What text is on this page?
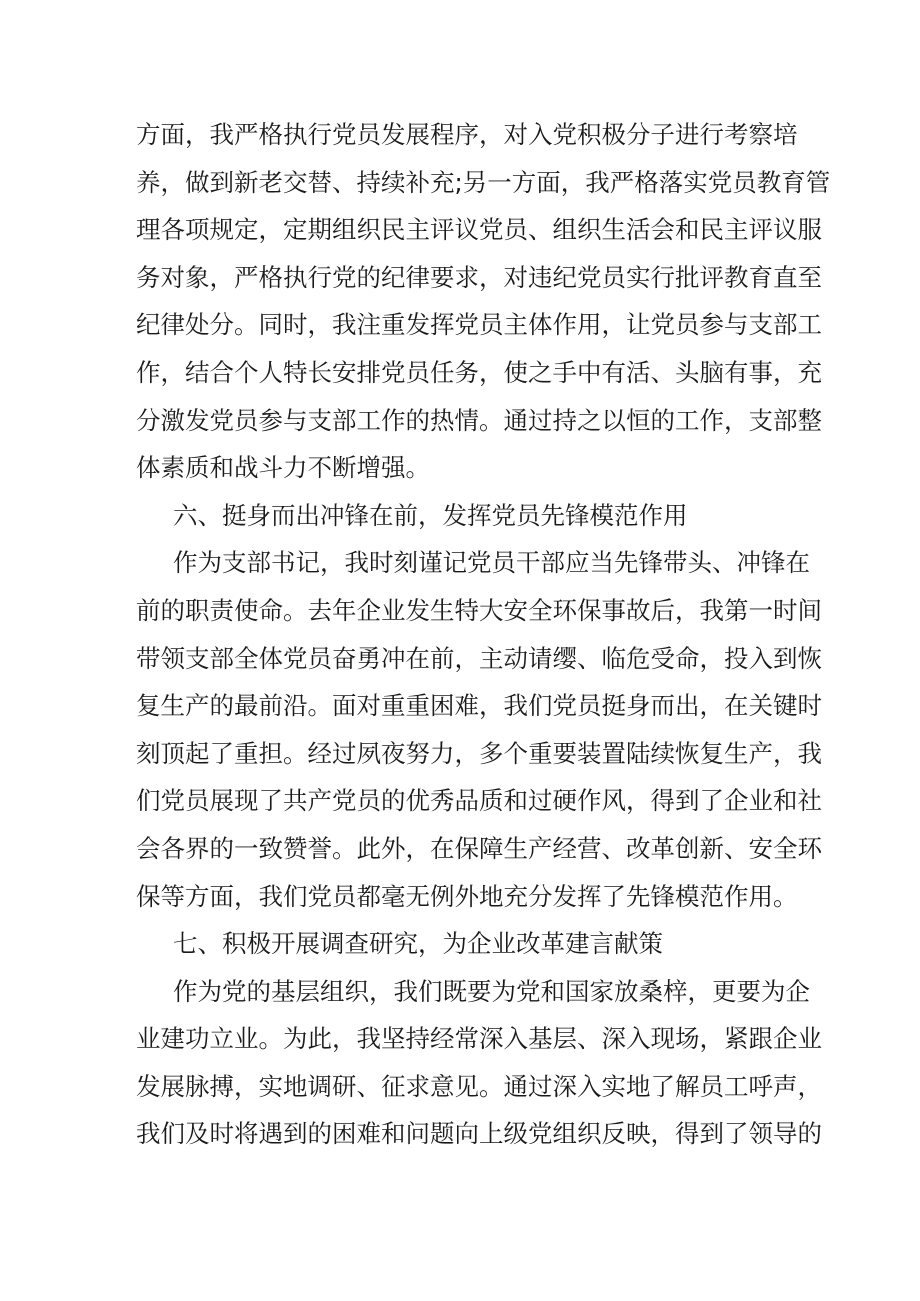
方面，我严格执行党员发展程序，对入党积极分子进行考察培
养，做到新老交替、持续补充;另一方面，我严格落实党员教育管
理各项规定，定期组织民主评议党员、组织生活会和民主评议服
务对象，严格执行党的纪律要求，对违纪党员实行批评教育直至
纪律处分。同时，我注重发挥党员主体作用，让党员参与支部工
作，结合个人特长安排党员任务，使之手中有活、头脑有事，充
分激发党员参与支部工作的热情。通过持之以恒的工作，支部整
体素质和战斗力不断增强。
六、挺身而出冲锋在前，发挥党员先锋模范作用
作为支部书记，我时刻谨记党员干部应当先锋带头、冲锋在
前的职责使命。去年企业发生特大安全环保事故后，我第一时间
带领支部全体党员奋勇冲在前，主动请缨、临危受命，投入到恢
复生产的最前沿。面对重重困难，我们党员挺身而出，在关键时
刻顶起了重担。经过夙夜努力，多个重要装置陆续恢复生产，我
们党员展现了共产党员的优秀品质和过硬作风，得到了企业和社
会各界的一致赞誉。此外，在保障生产经营、改革创新、安全环
保等方面，我们党员都毫无例外地充分发挥了先锋模范作用。
七、积极开展调查研究，为企业改革建言献策
作为党的基层组织，我们既要为党和国家放桑梓，更要为企
业建功立业。为此，我坚持经常深入基层、深入现场，紧跟企业
发展脉搏，实地调研、征求意见。通过深入实地了解员工呼声，
我们及时将遇到的困难和问题向上级党组织反映，得到了领导的
